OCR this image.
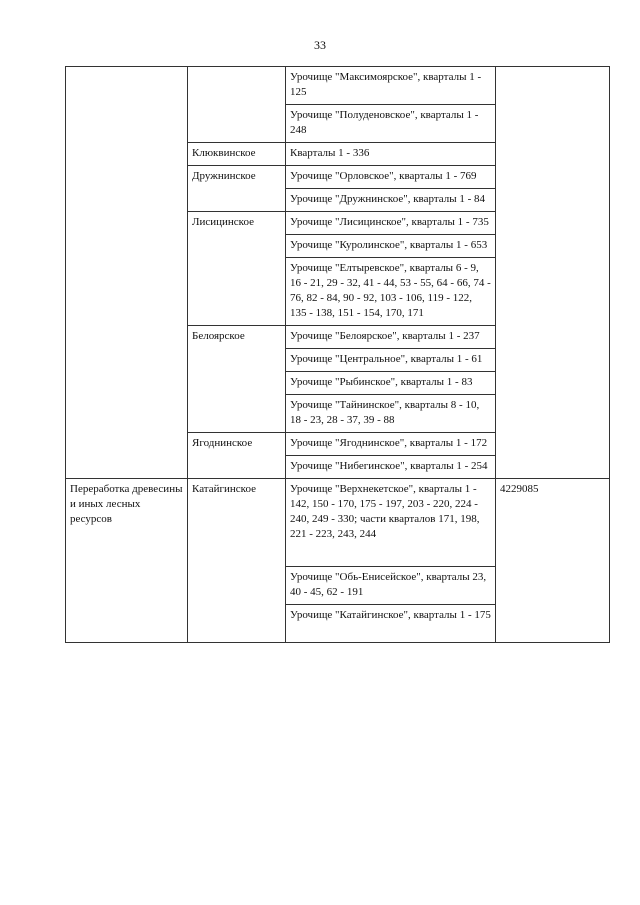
33
		Урочище "Максимоярское", кварталы 1 - 125	
		Урочище "Полуденовское", кварталы 1 - 248	
	Клюквинское	Кварталы 1 - 336	
	Дружнинское	Урочище "Орловское", кварталы 1 - 769	
		Урочище "Дружнинское", кварталы 1 - 84	
	Лисицинское	Урочище "Лисицинское", кварталы 1 - 735	
		Урочище "Куролинское", кварталы 1 - 653	
		Урочище "Елтыревское", кварталы 6 - 9, 16 - 21, 29 - 32, 41 - 44, 53 - 55, 64 - 66, 74 - 76, 82 - 84, 90 - 92, 103 - 106, 119 - 122, 135 - 138, 151 - 154, 170, 171	
	Белоярское	Урочище "Белоярское", кварталы 1 - 237	
		Урочище "Центральное", кварталы 1 - 61	
		Урочище "Рыбинское", кварталы 1 - 83	
		Урочище "Тайнинское", кварталы 8 - 10, 18 - 23, 28 - 37, 39 - 88	
	Ягоднинское	Урочище "Ягоднинское", кварталы 1 - 172	
		Урочище "Нибегинское", кварталы 1 - 254	
Переработка древесины и иных лесных ресурсов	Катайгинское	Урочище "Верхнекетское", кварталы 1 - 142, 150 - 170, 175 - 197, 203 - 220, 224 - 240, 249 - 330; части кварталов 171, 198, 221 - 223, 243, 244	4229085
		Урочище "Обь-Енисейское", кварталы 23, 40 - 45, 62 - 191	
		Урочище "Катайгинское", кварталы 1 - 175	
